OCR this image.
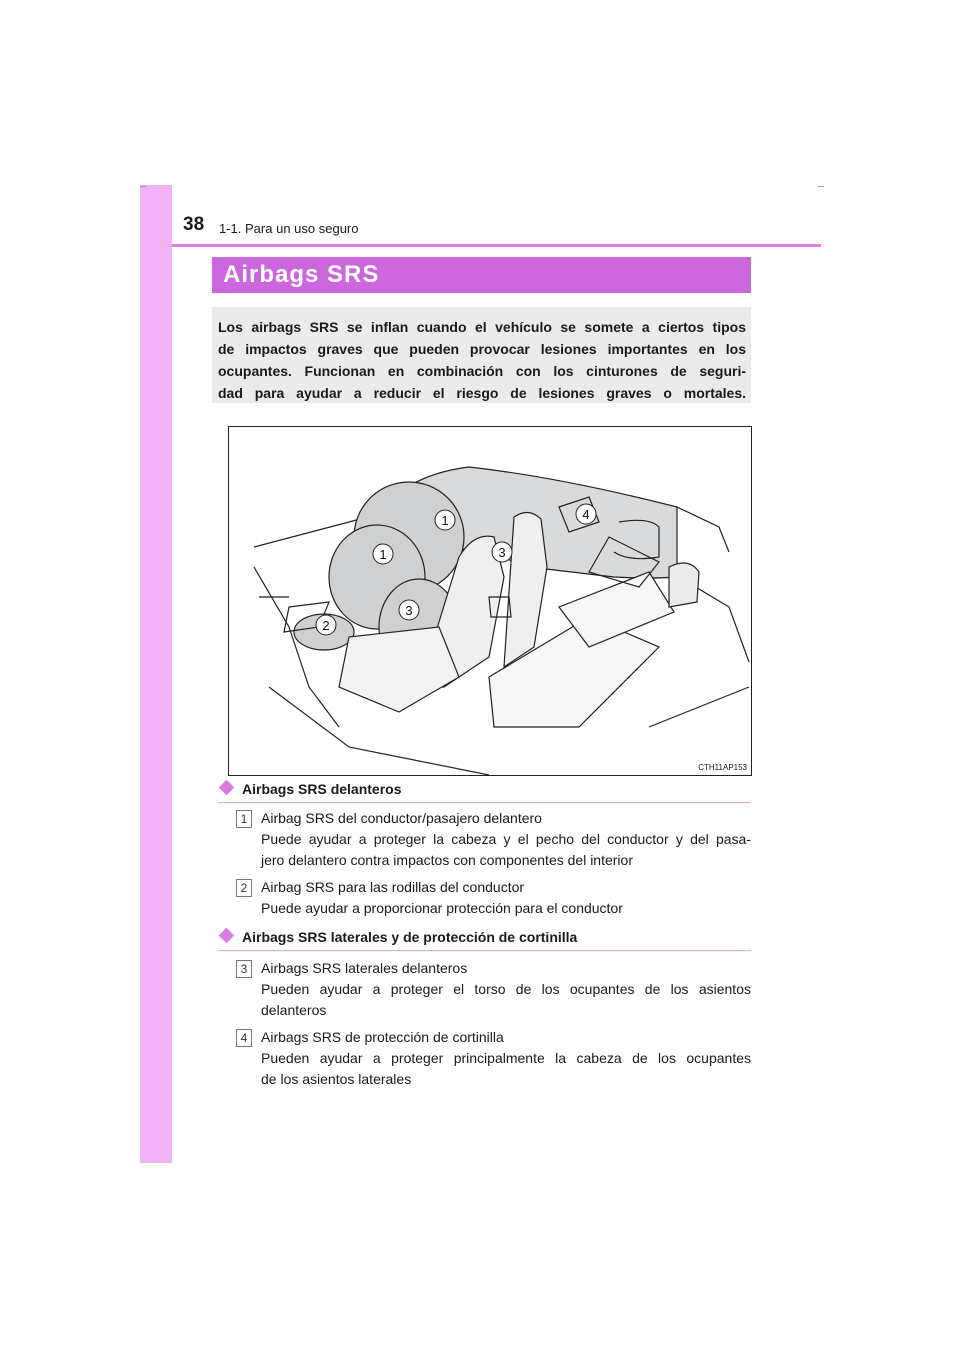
38 1-1. Para un uso seguro
Airbags SRS

Los airbags SRS se inflan cuando el vehículo se somete a ciertos tipos
de impactos graves que pueden provocar lesiones importantes en los
ocupantes. Funcionan en combinación con los cinturones de seguri-
dad para ayudar a reducir el riesgo de lesiones graves o mortales.

1
1
2
3
3
4
CTH11AP153
Airbags SRS delanteros
1 Airbag SRS del conductor/pasajero delantero
Puede ayudar a proteger la cabeza y el pecho del conductor y del pasa-
jero delantero contra impactos con componentes del interior
2 Airbag SRS para las rodillas del conductor
Puede ayudar a proporcionar protección para el conductor
Airbags SRS laterales y de protección de cortinilla
3 Airbags SRS laterales delanteros
Pueden ayudar a proteger el torso de los ocupantes de los asientos
delanteros
4 Airbags SRS de protección de cortinilla
Pueden ayudar a proteger principalmente la cabeza de los ocupantes
de los asientos laterales
